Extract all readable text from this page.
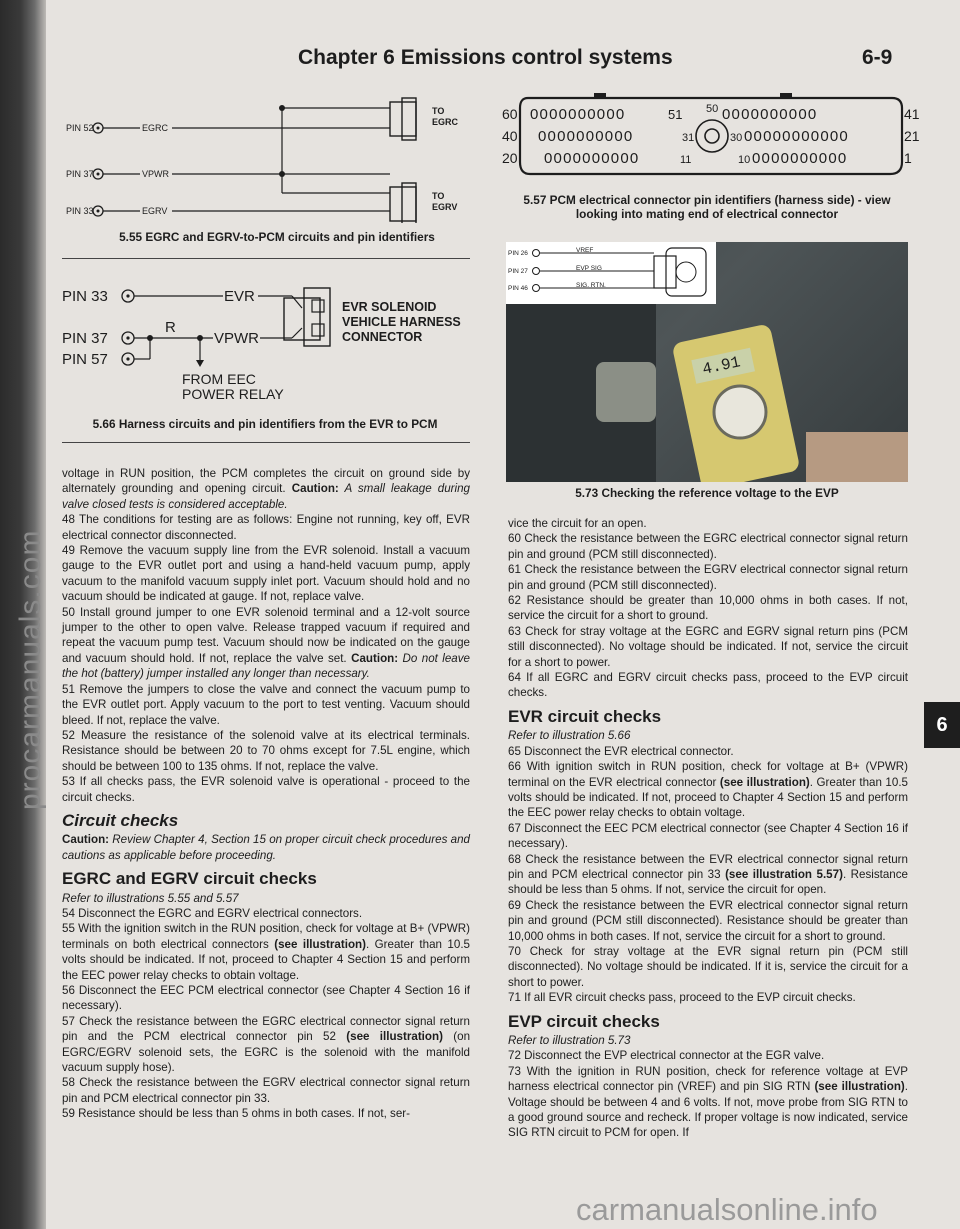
procarmanuals.com
Chapter 6 Emissions control systems	6-9
PIN 52
PIN 37
PIN 33
EGRC
VPWR
EGRV
TO
EGRC
TO
EGRV
5.55 EGRC and EGRV-to-PCM circuits and pin identifiers
PIN 33
PIN 37
PIN 57
EVR
R
VPWR
FROM EEC
POWER RELAY
EVR SOLENOID
VEHICLE HARNESS
CONNECTOR
5.66 Harness circuits and pin identifiers from the EVR to PCM
60 0000000000	51 50 0000000000	41
40 0000000000	31	30 00000000000	21
20 0000000000	11	10 0000000000	1
5.57 PCM electrical connector pin identifiers (harness side) - view looking into mating end of electrical connector
PIN 26
PIN 27
PIN 46
VREF
EVP SIG
SIG. RTN.
4.91
5.73 Checking the reference voltage to the EVP

voltage in RUN position, the PCM completes the circuit on ground side by alternately grounding and opening circuit. Caution: A small leakage during valve closed tests is considered acceptable.

48 The conditions for testing are as follows: Engine not running, key off, EVR electrical connector disconnected.

49 Remove the vacuum supply line from the EVR solenoid. Install a vacuum gauge to the EVR outlet port and using a hand-held vacuum pump, apply vacuum to the manifold vacuum supply inlet port. Vacuum should hold and no vacuum should be indicated at gauge. If not, replace valve.

50 Install ground jumper to one EVR solenoid terminal and a 12-volt source jumper to the other to open valve. Release trapped vacuum if required and repeat the vacuum pump test. Vacuum should now be indicated on the gauge and vacuum should hold. If not, replace the valve set. Caution: Do not leave the hot (battery) jumper installed any longer than necessary.

51 Remove the jumpers to close the valve and connect the vacuum pump to the EVR outlet port. Apply vacuum to the port to test venting. Vacuum should bleed. If not, replace the valve.

52 Measure the resistance of the solenoid valve at its electrical terminals. Resistance should be between 20 to 70 ohms except for 7.5L engine, which should be between 100 to 135 ohms. If not, replace the valve.

53 If all checks pass, the EVR solenoid valve is operational - proceed to the circuit checks.

Circuit checks

Caution: Review Chapter 4, Section 15 on proper circuit check procedures and cautions as applicable before proceeding.

EGRC and EGRV circuit checks

Refer to illustrations 5.55 and 5.57

54 Disconnect the EGRC and EGRV electrical connectors.

55 With the ignition switch in the RUN position, check for voltage at B+ (VPWR) terminals on both electrical connectors (see illustration). Greater than 10.5 volts should be indicated. If not, proceed to Chapter 4 Section 15 and perform the EEC power relay checks to obtain voltage.

56 Disconnect the EEC PCM electrical connector (see Chapter 4 Section 16 if necessary).

57 Check the resistance between the EGRC electrical connector signal return pin and the PCM electrical connector pin 52 (see illustration) (on EGRC/EGRV solenoid sets, the EGRC is the solenoid with the manifold vacuum supply hose).

58 Check the resistance between the EGRV electrical connector signal return pin and PCM electrical connector pin 33.

59 Resistance should be less than 5 ohms in both cases. If not, ser-

vice the circuit for an open.

60 Check the resistance between the EGRC electrical connector signal return pin and ground (PCM still disconnected).

61 Check the resistance between the EGRV electrical connector signal return pin and ground (PCM still disconnected).

62 Resistance should be greater than 10,000 ohms in both cases. If not, service the circuit for a short to ground.

63 Check for stray voltage at the EGRC and EGRV signal return pins (PCM still disconnected). No voltage should be indicated. If not, service the circuit for a short to power.

64 If all EGRC and EGRV circuit checks pass, proceed to the EVP circuit checks.

EVR circuit checks

Refer to illustration 5.66

65 Disconnect the EVR electrical connector.

66 With ignition switch in RUN position, check for voltage at B+ (VPWR) terminal on the EVR electrical connector (see illustration). Greater than 10.5 volts should be indicated. If not, proceed to Chapter 4 Section 15 and perform the EEC power relay checks to obtain voltage.

67 Disconnect the EEC PCM electrical connector (see Chapter 4 Section 16 if necessary).

68 Check the resistance between the EVR electrical connector signal return pin and PCM electrical connector pin 33 (see illustration 5.57). Resistance should be less than 5 ohms. If not, service the circuit for open.

69 Check the resistance between the EVR electrical connector signal return pin and ground (PCM still disconnected). Resistance should be greater than 10,000 ohms in both cases. If not, service the circuit for a short to ground.

70 Check for stray voltage at the EVR signal return pin (PCM still disconnected). No voltage should be indicated. If it is, service the circuit for a short to power.

71 If all EVR circuit checks pass, proceed to the EVP circuit checks.

EVP circuit checks

Refer to illustration 5.73

72 Disconnect the EVP electrical connector at the EGR valve.

73 With the ignition in RUN position, check for reference voltage at EVP harness electrical connector pin (VREF) and pin SIG RTN (see illustration). Voltage should be between 4 and 6 volts. If not, move probe from SIG RTN to a good ground source and recheck. If proper voltage is now indicated, service SIG RTN circuit to PCM for open. If

6
carmanualsonline.info
